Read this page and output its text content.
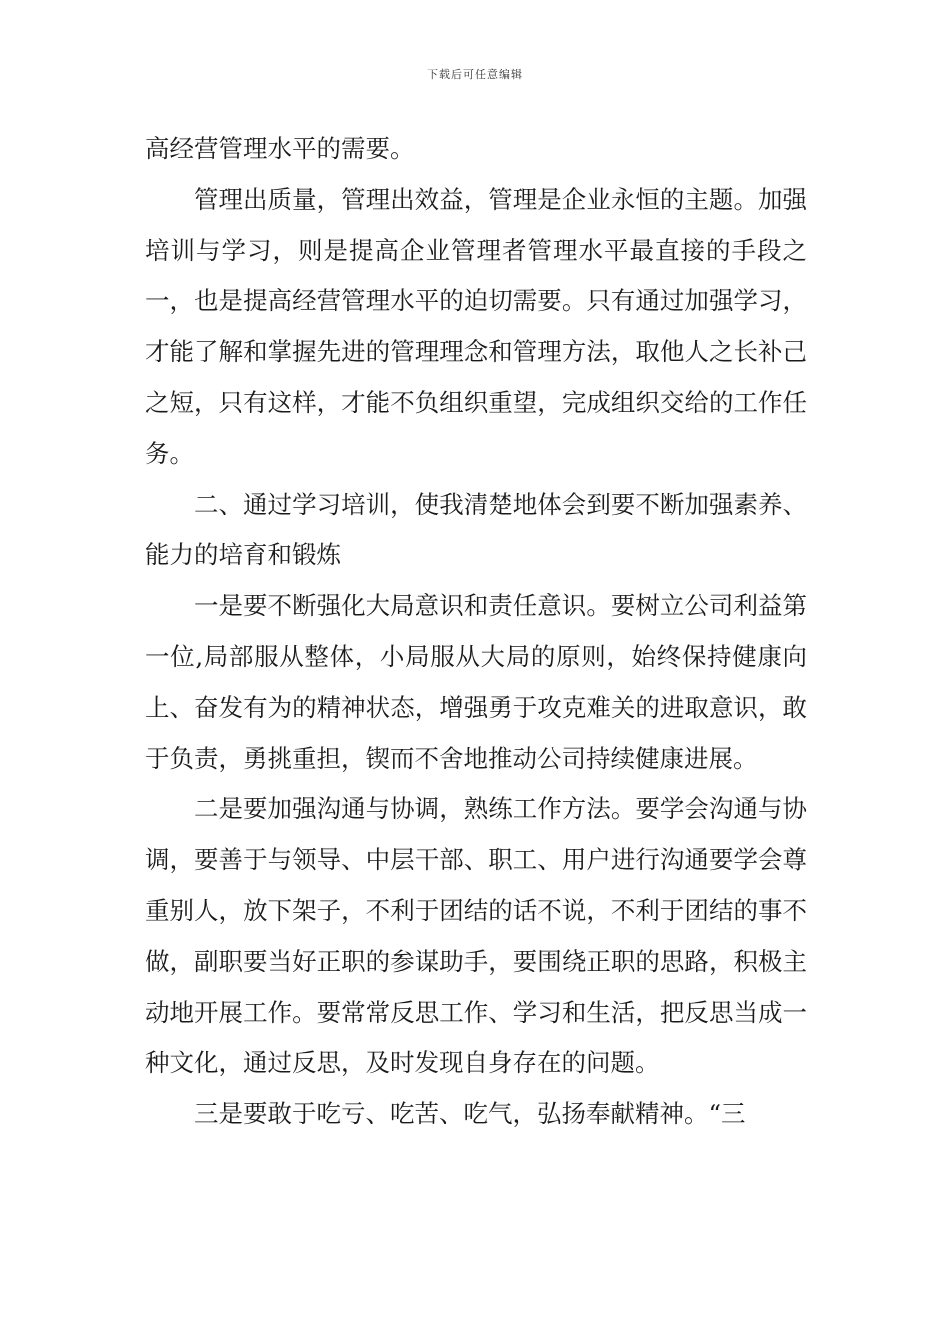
下载后可任意编辑

高经营管理水平的需要。

管理出质量，管理出效益，管理是企业永恒的主题。加强培训与学习，则是提高企业管理者管理水平最直接的手段之一，也是提高经营管理水平的迫切需要。只有通过加强学习，才能了解和掌握先进的管理理念和管理方法，取他人之长补己之短，只有这样，才能不负组织重望，完成组织交给的工作任务。

二、通过学习培训，使我清楚地体会到要不断加强素养、能力的培育和锻炼

一是要不断强化大局意识和责任意识。要树立公司利益第一位,局部服从整体，小局服从大局的原则，始终保持健康向上、奋发有为的精神状态，增强勇于攻克难关的进取意识，敢于负责，勇挑重担，锲而不舍地推动公司持续健康进展。

二是要加强沟通与协调，熟练工作方法。要学会沟通与协调，要善于与领导、中层干部、职工、用户进行沟通要学会尊重别人，放下架子，不利于团结的话不说，不利于团结的事不做，副职要当好正职的参谋助手，要围绕正职的思路，积极主动地开展工作。要常常反思工作、学习和生活，把反思当成一种文化，通过反思，及时发现自身存在的问题。

三是要敢于吃亏、吃苦、吃气，弘扬奉献精神。“三
